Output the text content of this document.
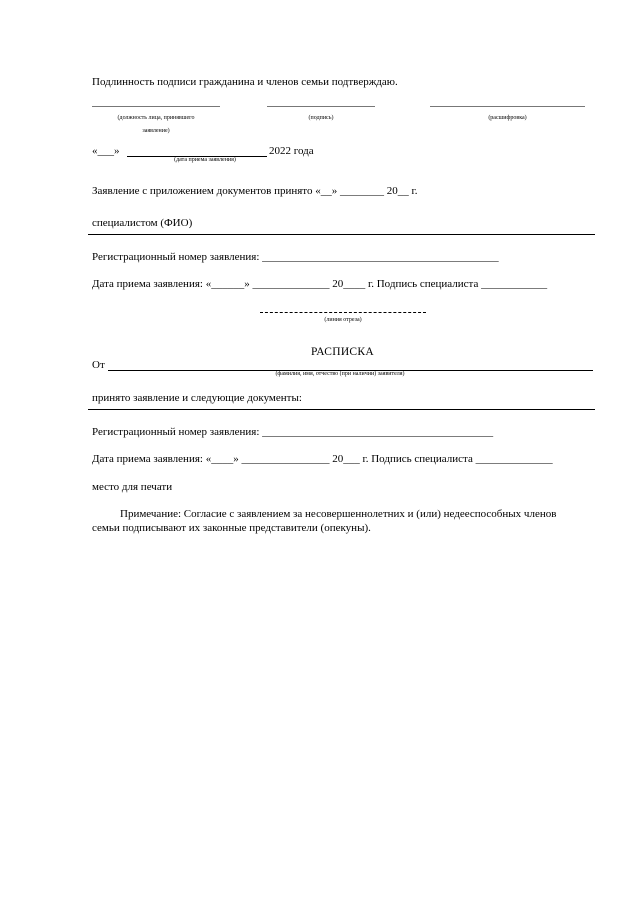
Подлинность подписи гражданина и членов семьи подтверждаю.
(должность лица, принявшего
заявление)
(подпись)	(расшифровка)
«___»	2022 года
(дата приема заявления)
Заявление с приложением документов принято «__» ________ 20__ г.
специалистом (ФИО)
Регистрационный номер заявления: ___________________________________________
Дата приема заявления: «______» ______________ 20____ г. Подпись специалиста ____________
(линия отреза)
РАСПИСКА
От
(фамилия, имя, отчество (при наличии) заявителя)
принято заявление и следующие документы:
Регистрационный номер заявления: __________________________________________
Дата приема заявления: «____» ________________ 20___ г. Подпись специалиста ______________
место для печати
Примечание: Согласие с заявлением за несовершеннолетних и (или) недееспособных членов
семьи подписывают их законные представители (опекуны).
